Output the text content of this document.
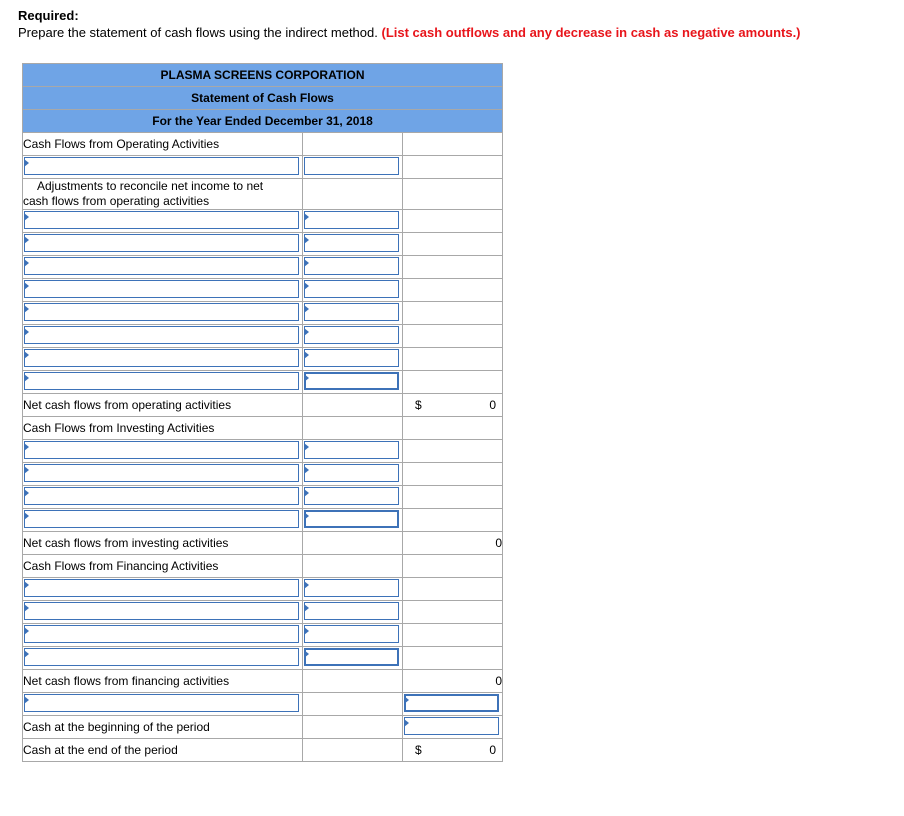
Required:
Prepare the statement of cash flows using the indirect method. (List cash outflows and any decrease in cash as negative amounts.)
PLASMA SCREENS CORPORATION		
Statement of Cash Flows		
For the Year Ended December 31, 2018		
Cash Flows from Operating Activities		

Adjustments to reconcile net income to net
cash flows from operating activities		

Net cash flows from operating activities		$ 0

Cash Flows from Investing Activities		

Net cash flows from investing activities		0
Cash Flows from Financing Activities		

Net cash flows from financing activities		0

Cash at the beginning of the period		

Cash at the end of the period		$ 0
